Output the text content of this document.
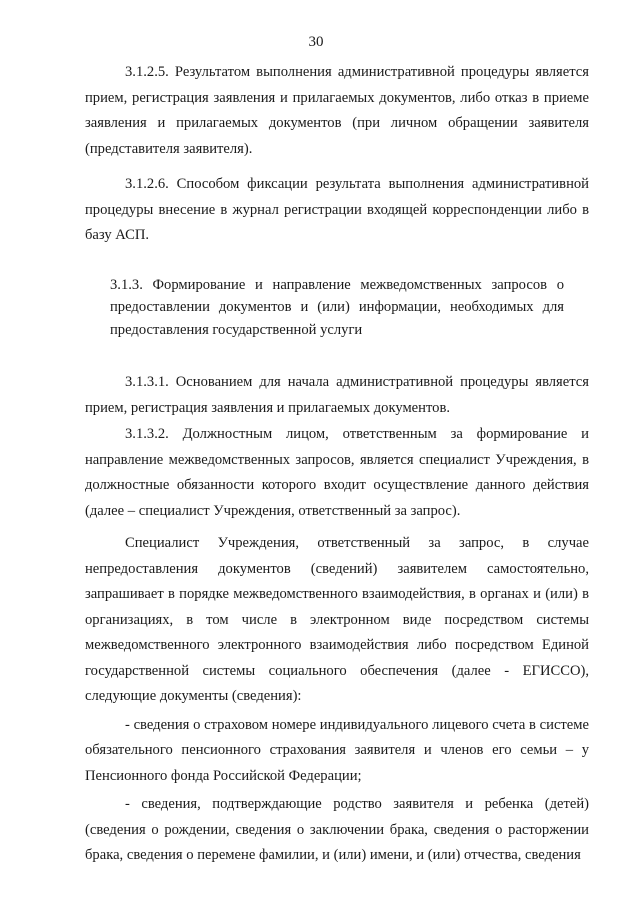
30

3.1.2.5. Результатом выполнения административной процедуры является прием, регистрация заявления и прилагаемых документов, либо отказ в приеме заявления и прилагаемых документов (при личном обращении заявителя (представителя заявителя).

3.1.2.6. Способом фиксации результата выполнения административной процедуры внесение в журнал регистрации входящей корреспонденции либо в базу АСП.

3.1.3. Формирование и направление межведомственных запросов о предоставлении документов и (или) информации, необходимых для предоставления государственной услуги

3.1.3.1. Основанием для начала административной процедуры является прием, регистрация заявления и прилагаемых документов.

3.1.3.2. Должностным лицом, ответственным за формирование и направление межведомственных запросов, является специалист Учреждения, в должностные обязанности которого входит осуществление данного действия (далее – специалист Учреждения, ответственный за запрос).

Специалист Учреждения, ответственный за запрос, в случае непредоставления документов (сведений) заявителем самостоятельно, запрашивает в порядке межведомственного взаимодействия, в органах и (или) в организациях, в том числе в электронном виде посредством системы межведомственного электронного взаимодействия либо посредством Единой государственной системы социального обеспечения (далее - ЕГИССО), следующие документы (сведения):

- сведения о страховом номере индивидуального лицевого счета в системе обязательного пенсионного страхования заявителя и членов его семьи – у Пенсионного фонда Российской Федерации;

- сведения, подтверждающие родство заявителя и ребенка (детей) (сведения о рождении, сведения о заключении брака, сведения о расторжении брака, сведения о перемене фамилии, и (или) имени, и (или) отчества, сведения
